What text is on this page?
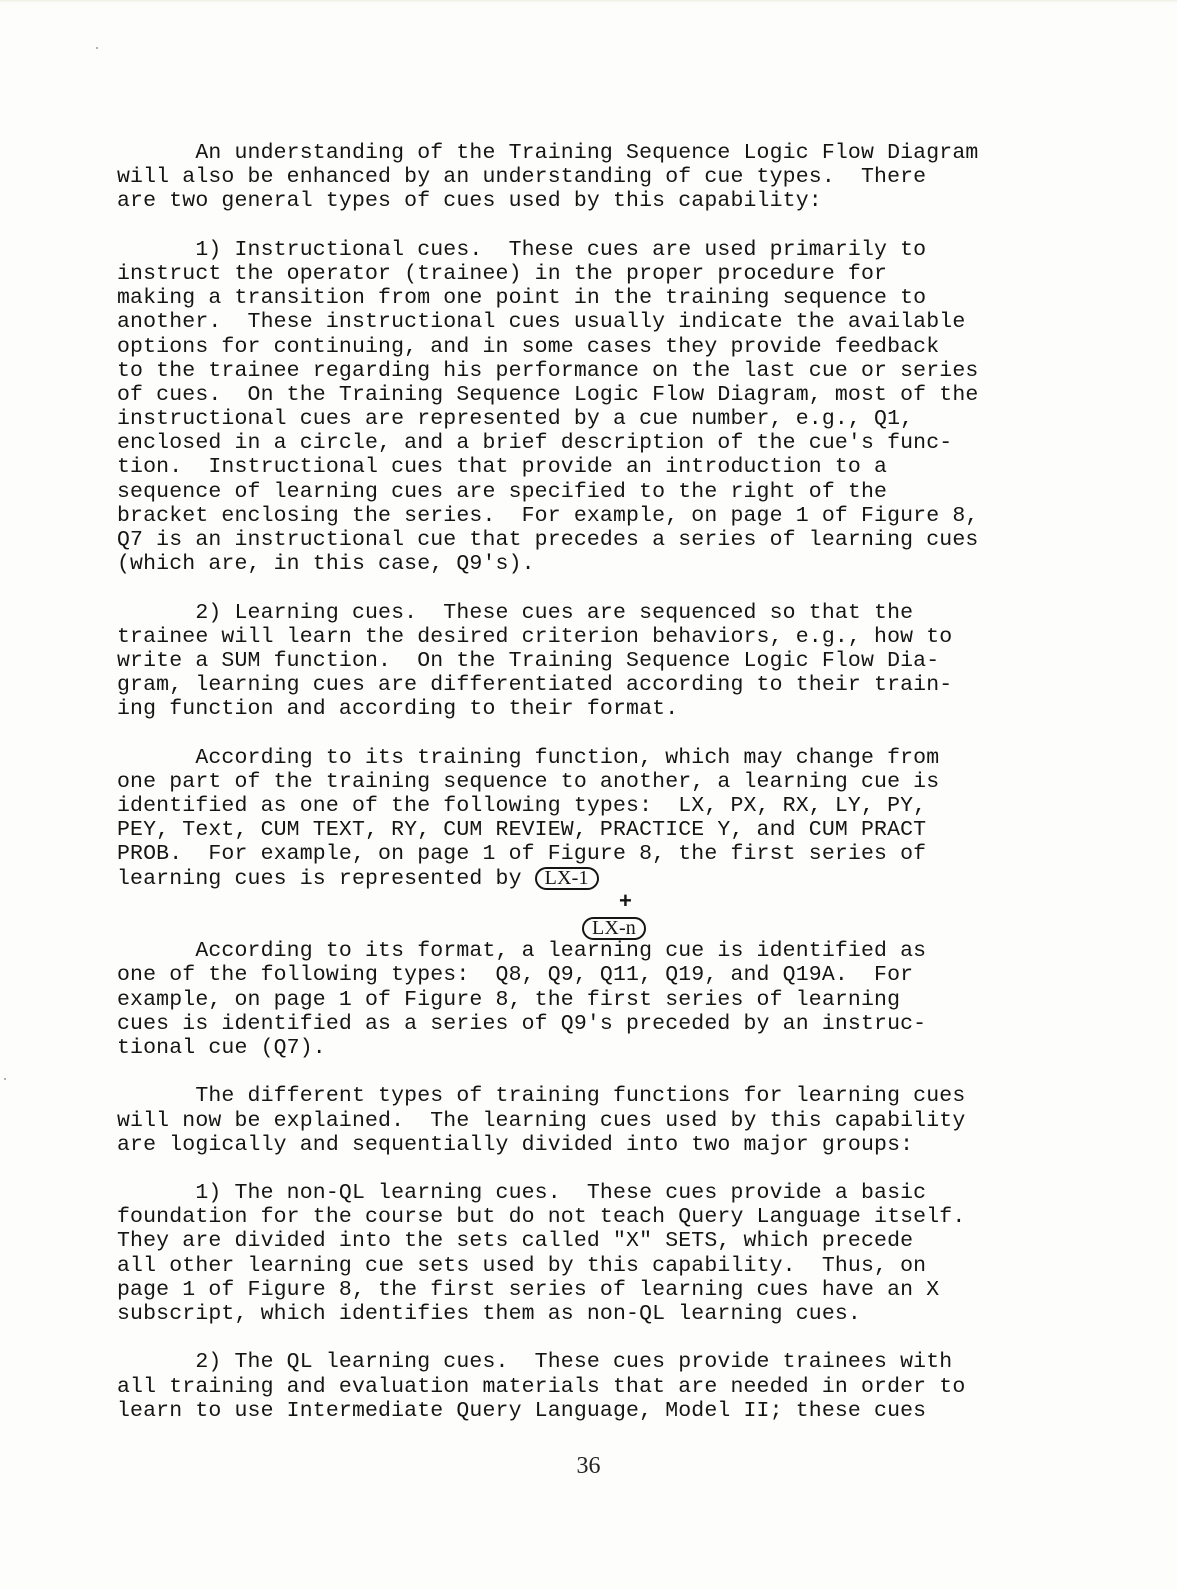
An understanding of the Training Sequence Logic Flow Diagram
will also be enhanced by an understanding of cue types.  There
are two general types of cues used by this capability:
1) Instructional cues.  These cues are used primarily to
instruct the operator (trainee) in the proper procedure for
making a transition from one point in the training sequence to
another.  These instructional cues usually indicate the available
options for continuing, and in some cases they provide feedback
to the trainee regarding his performance on the last cue or series
of cues.  On the Training Sequence Logic Flow Diagram, most of the
instructional cues are represented by a cue number, e.g., Q1,
enclosed in a circle, and a brief description of the cue's func-
tion.  Instructional cues that provide an introduction to a
sequence of learning cues are specified to the right of the
bracket enclosing the series.  For example, on page 1 of Figure 8,
Q7 is an instructional cue that precedes a series of learning cues
(which are, in this case, Q9's).
2) Learning cues.  These cues are sequenced so that the
trainee will learn the desired criterion behaviors, e.g., how to
write a SUM function.  On the Training Sequence Logic Flow Dia-
gram, learning cues are differentiated according to their train-
ing function and according to their format.
According to its training function, which may change from
one part of the training sequence to another, a learning cue is
identified as one of the following types:  LX, PX, RX, LY, PY,
PEY, Text, CUM TEXT, RY, CUM REVIEW, PRACTICE Y, and CUM PRACT
PROB.  For example, on page 1 of Figure 8, the first series of
learning cues is represented by LX-1
+
LX-n
According to its format, a learning cue is identified as
one of the following types:  Q8, Q9, Q11, Q19, and Q19A.  For
example, on page 1 of Figure 8, the first series of learning
cues is identified as a series of Q9's preceded by an instruc-
tional cue (Q7).
The different types of training functions for learning cues
will now be explained.  The learning cues used by this capability
are logically and sequentially divided into two major groups:
1) The non-QL learning cues.  These cues provide a basic
foundation for the course but do not teach Query Language itself.
They are divided into the sets called "X" SETS, which precede
all other learning cue sets used by this capability.  Thus, on
page 1 of Figure 8, the first series of learning cues have an X
subscript, which identifies them as non-QL learning cues.
2) The QL learning cues.  These cues provide trainees with
all training and evaluation materials that are needed in order to
learn to use Intermediate Query Language, Model II; these cues
36
